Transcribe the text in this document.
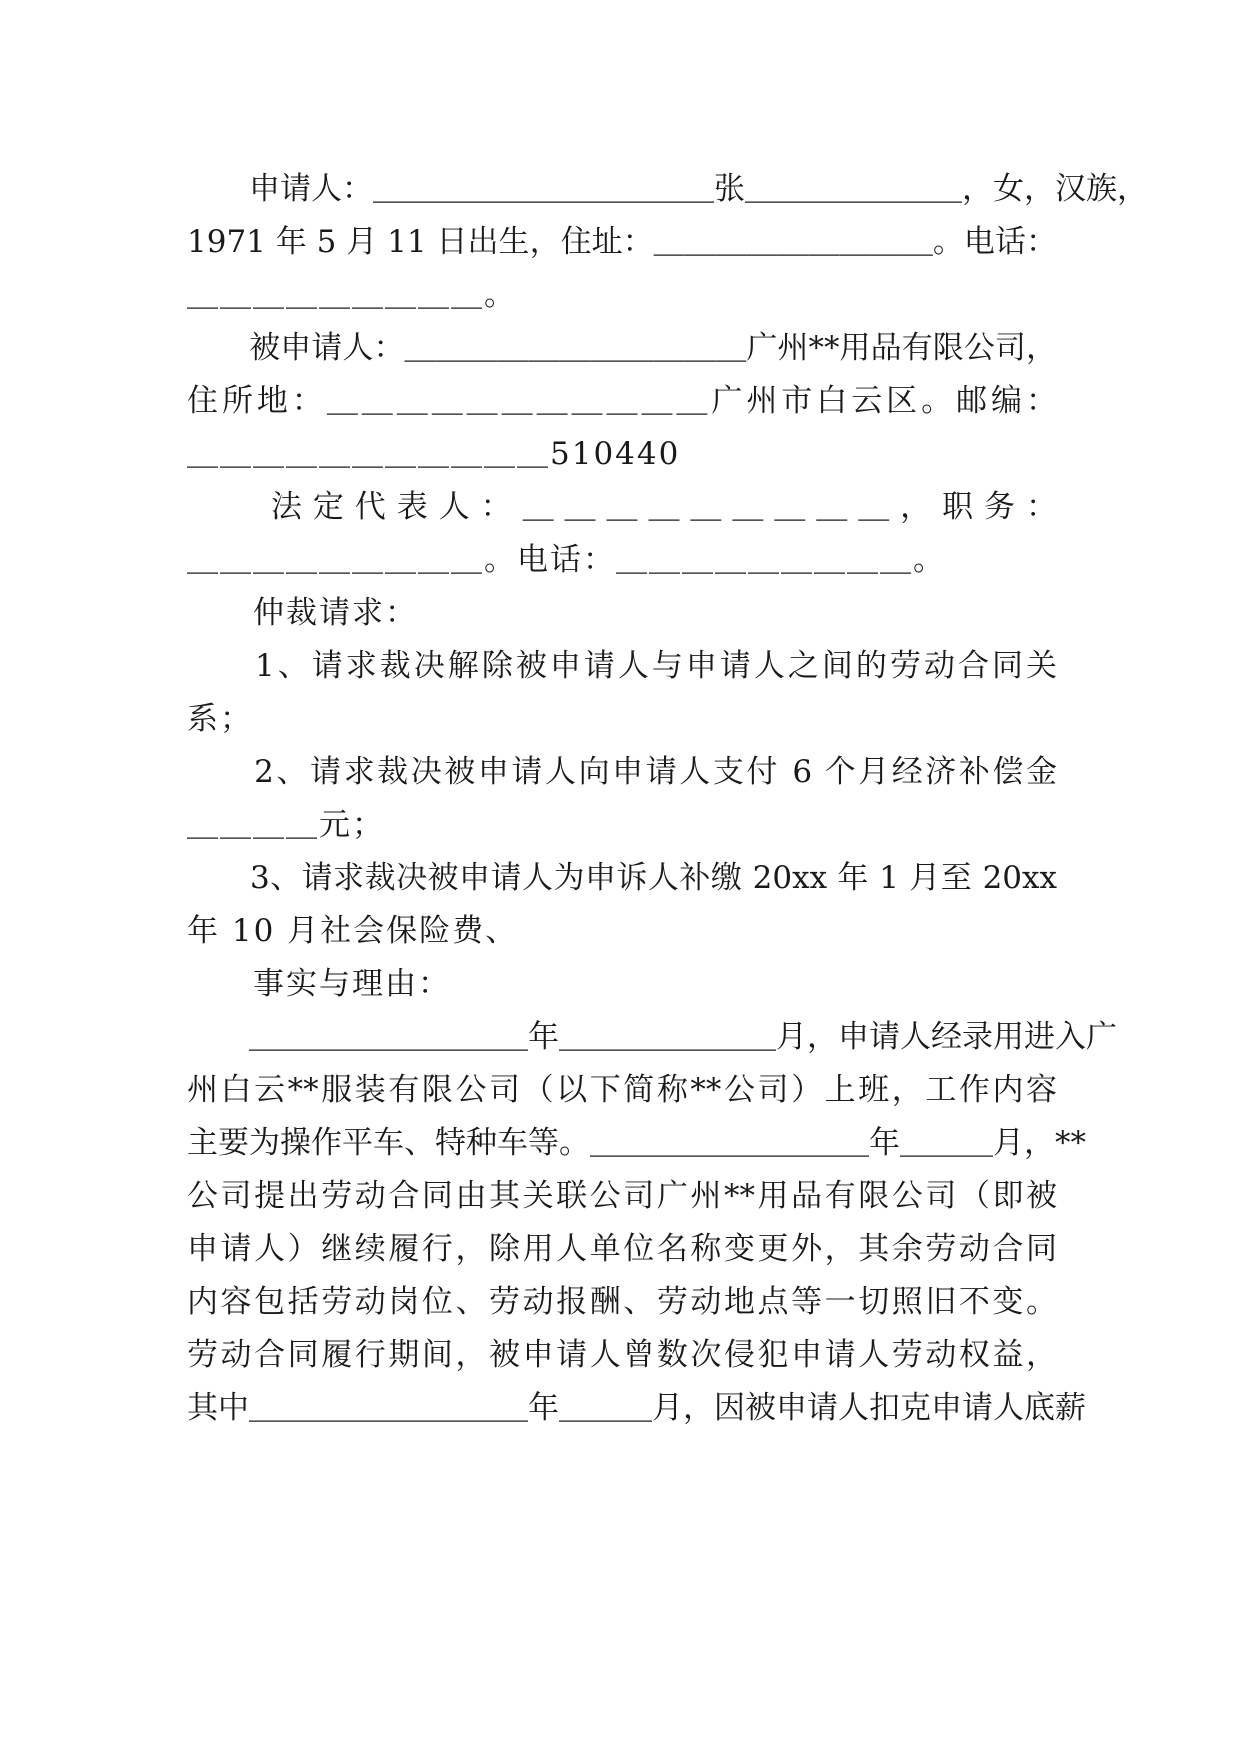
　　申请人：＿＿＿＿＿＿＿＿＿＿＿张＿＿＿＿＿＿＿，女，汉族，
1971 年 5 月 11 日出生，住址：＿＿＿＿＿＿＿＿＿。电话：
＿＿＿＿＿＿＿＿＿。
　　被申请人：＿＿＿＿＿＿＿＿＿＿＿广州**用品有限公司，
住所地：＿＿＿＿＿＿＿＿＿＿＿广州市白云区。邮编：
＿＿＿＿＿＿＿＿＿＿＿510440
　　法定代表人：＿＿＿＿＿＿＿＿＿，职务：
＿＿＿＿＿＿＿＿＿。电话：＿＿＿＿＿＿＿＿＿。
　　仲裁请求：
　　1、请求裁决解除被申请人与申请人之间的劳动合同关
系；
　　2、请求裁决被申请人向申请人支付 6 个月经济补偿金
＿＿＿＿元；
　　3、请求裁决被申请人为申诉人补缴 20xx 年 1 月至 20xx
年 10 月社会保险费、
　　事实与理由：
　　＿＿＿＿＿＿＿＿＿年＿＿＿＿＿＿＿月，申请人经录用进入广
州白云**服装有限公司（以下简称**公司）上班，工作内容
主要为操作平车、特种车等。＿＿＿＿＿＿＿＿＿年＿＿＿月，**
公司提出劳动合同由其关联公司广州**用品有限公司（即被
申请人）继续履行，除用人单位名称变更外，其余劳动合同
内容包括劳动岗位、劳动报酬、劳动地点等一切照旧不变。
劳动合同履行期间，被申请人曾数次侵犯申请人劳动权益，
其中＿＿＿＿＿＿＿＿＿年＿＿＿月，因被申请人扣克申请人底薪
